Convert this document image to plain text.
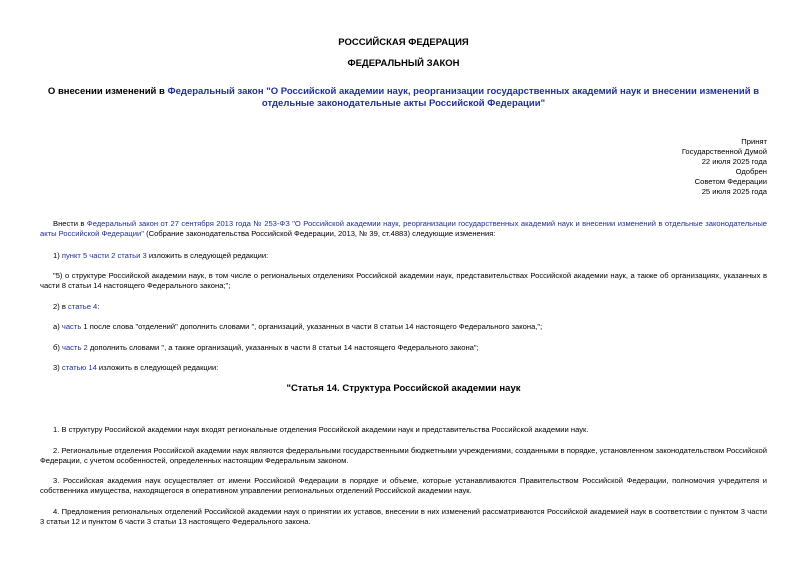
РОССИЙСКАЯ ФЕДЕРАЦИЯ
ФЕДЕРАЛЬНЫЙ ЗАКОН
О внесении изменений в Федеральный закон "О Российской академии наук, реорганизации государственных академий наук и внесении изменений в отдельные законодательные акты Российской Федерации"
Принят
Государственной Думой
22 июля 2025 года
Одобрен
Советом Федерации
25 июля 2025 года
Внести в Федеральный закон от 27 сентября 2013 года № 253-ФЗ "О Российской академии наук, реорганизации государственных академий наук и внесении изменений в отдельные законодательные акты Российской Федерации" (Собрание законодательства Российской Федерации, 2013, № 39, ст.4883) следующие изменения:
1) пункт 5 части 2 статьи 3 изложить в следующей редакции:
"5) о структуре Российской академии наук, в том числе о региональных отделениях Российской академии наук, представительствах Российской академии наук, а также об организациях, указанных в части 8 статьи 14 настоящего Федерального закона;";
2) в статье 4:
а) часть 1 после слова "отделений" дополнить словами ", организаций, указанных в части 8 статьи 14 настоящего Федерального закона,";
б) часть 2 дополнить словами ", а также организаций, указанных в части 8 статьи 14 настоящего Федерального закона";
3) статью 14 изложить в следующей редакции:
"Статья 14. Структура Российской академии наук
1. В структуру Российской академии наук входят региональные отделения Российской академии наук и представительства Российской академии наук.
2. Региональные отделения Российской академии наук являются федеральными государственными бюджетными учреждениями, созданными в порядке, установленном законодательством Российской Федерации, с учетом особенностей, определенных настоящим Федеральным законом.
3. Российская академия наук осуществляет от имени Российской Федерации в порядке и объеме, которые устанавливаются Правительством Российской Федерации, полномочия учредителя и собственника имущества, находящегося в оперативном управлении региональных отделений Российской академии наук.
4. Предложения региональных отделений Российской академии наук о принятии их уставов, внесении в них изменений рассматриваются Российской академией наук в соответствии с пунктом 3 части 3 статьи 12 и пунктом 6 части 3 статьи 13 настоящего Федерального закона.
